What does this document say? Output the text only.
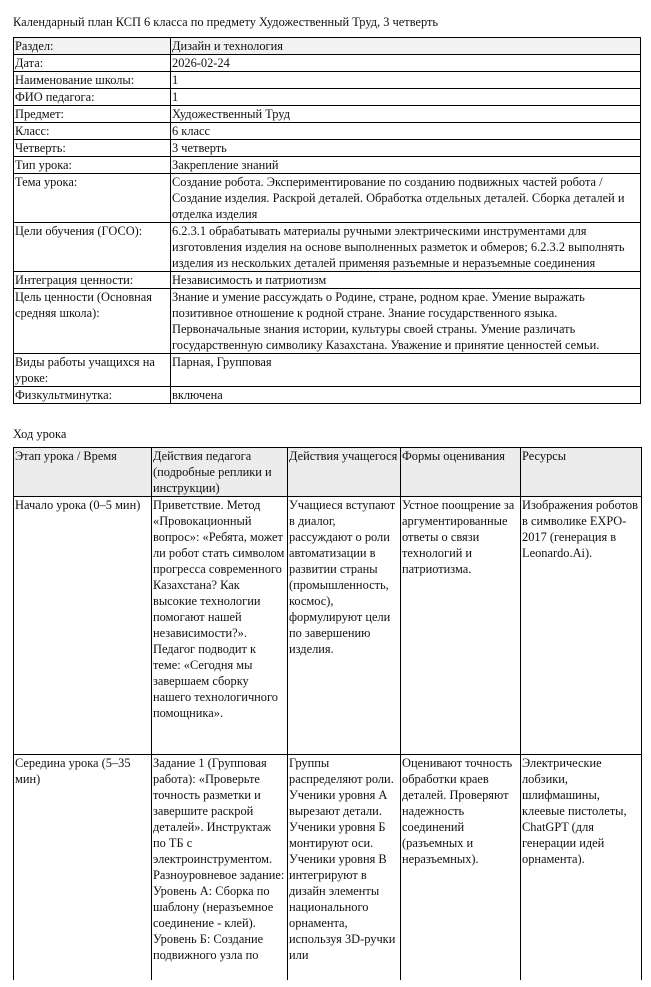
Календарный план КСП 6 класса по предмету Художественный Труд, 3 четверть
Раздел:	Дизайн и технология
Дата:	2026-02-24
Наименование школы:	1
ФИО педагога:	1
Предмет:	Художественный Труд
Класс:	6 класс
Четверть:	3 четверть
Тип урока:	Закрепление знаний
Тема урока:	Создание робота. Экспериментирование по созданию подвижных частей робота / Создание изделия. Раскрой деталей. Обработка отдельных деталей. Сборка деталей и отделка изделия
Цели обучения (ГОСО):	6.2.3.1 обрабатывать материалы ручными электрическими инструментами для изготовления изделия на основе выполненных разметок и обмеров; 6.2.3.2 выполнять изделия из нескольких деталей применяя разъемные и неразъемные соединения
Интеграция ценности:	Независимость и патриотизм
Цель ценности (Основная средняя школа):	Знание и умение рассуждать о Родине, стране, родном крае. Умение выражать позитивное отношение к родной стране. Знание государственного языка. Первоначальные знания истории, культуры своей страны. Умение различать государственную символику Казахстана. Уважение и принятие ценностей семьи.
Виды работы учащихся на уроке:	Парная, Групповая
Физкультминутка:	включена
Ход урока
Этап урока / Время	Действия педагога (подробные реплики и инструкции)	Действия учащегося	Формы оценивания	Ресурсы
Начало урока (0–5 мин)	Приветствие. Метод «Провокационный вопрос»: «Ребята, может ли робот стать символом прогресса современного Казахстана? Как высокие технологии помогают нашей независимости?». Педагог подводит к теме: «Сегодня мы завершаем сборку нашего технологичного помощника».	Учащиеся вступают в диалог, рассуждают о роли автоматизации в развитии страны (промышленность, космос), формулируют цели по завершению изделия.	Устное поощрение за аргументированные ответы о связи технологий и патриотизма.	Изображения роботов в символике EXPO-2017 (генерация в Leonardo.Ai).
Середина урока (5–35 мин)	Задание 1 (Групповая работа): «Проверьте точность разметки и завершите раскрой деталей». Инструктаж по ТБ с электроинструментом. Разноуровневое задание: Уровень А: Сборка по шаблону (неразъемное соединение - клей). Уровень Б: Создание подвижного узла по	Группы распределяют роли. Ученики уровня А вырезают детали. Ученики уровня Б монтируют оси. Ученики уровня В интегрируют в дизайн элементы национального орнамента, используя 3D-ручки или	Оценивают точность обработки краев деталей. Проверяют надежность соединений (разъемных и неразъемных).	Электрические лобзики, шлифмашины, клеевые пистолеты, ChatGPT (для генерации идей орнамента).
